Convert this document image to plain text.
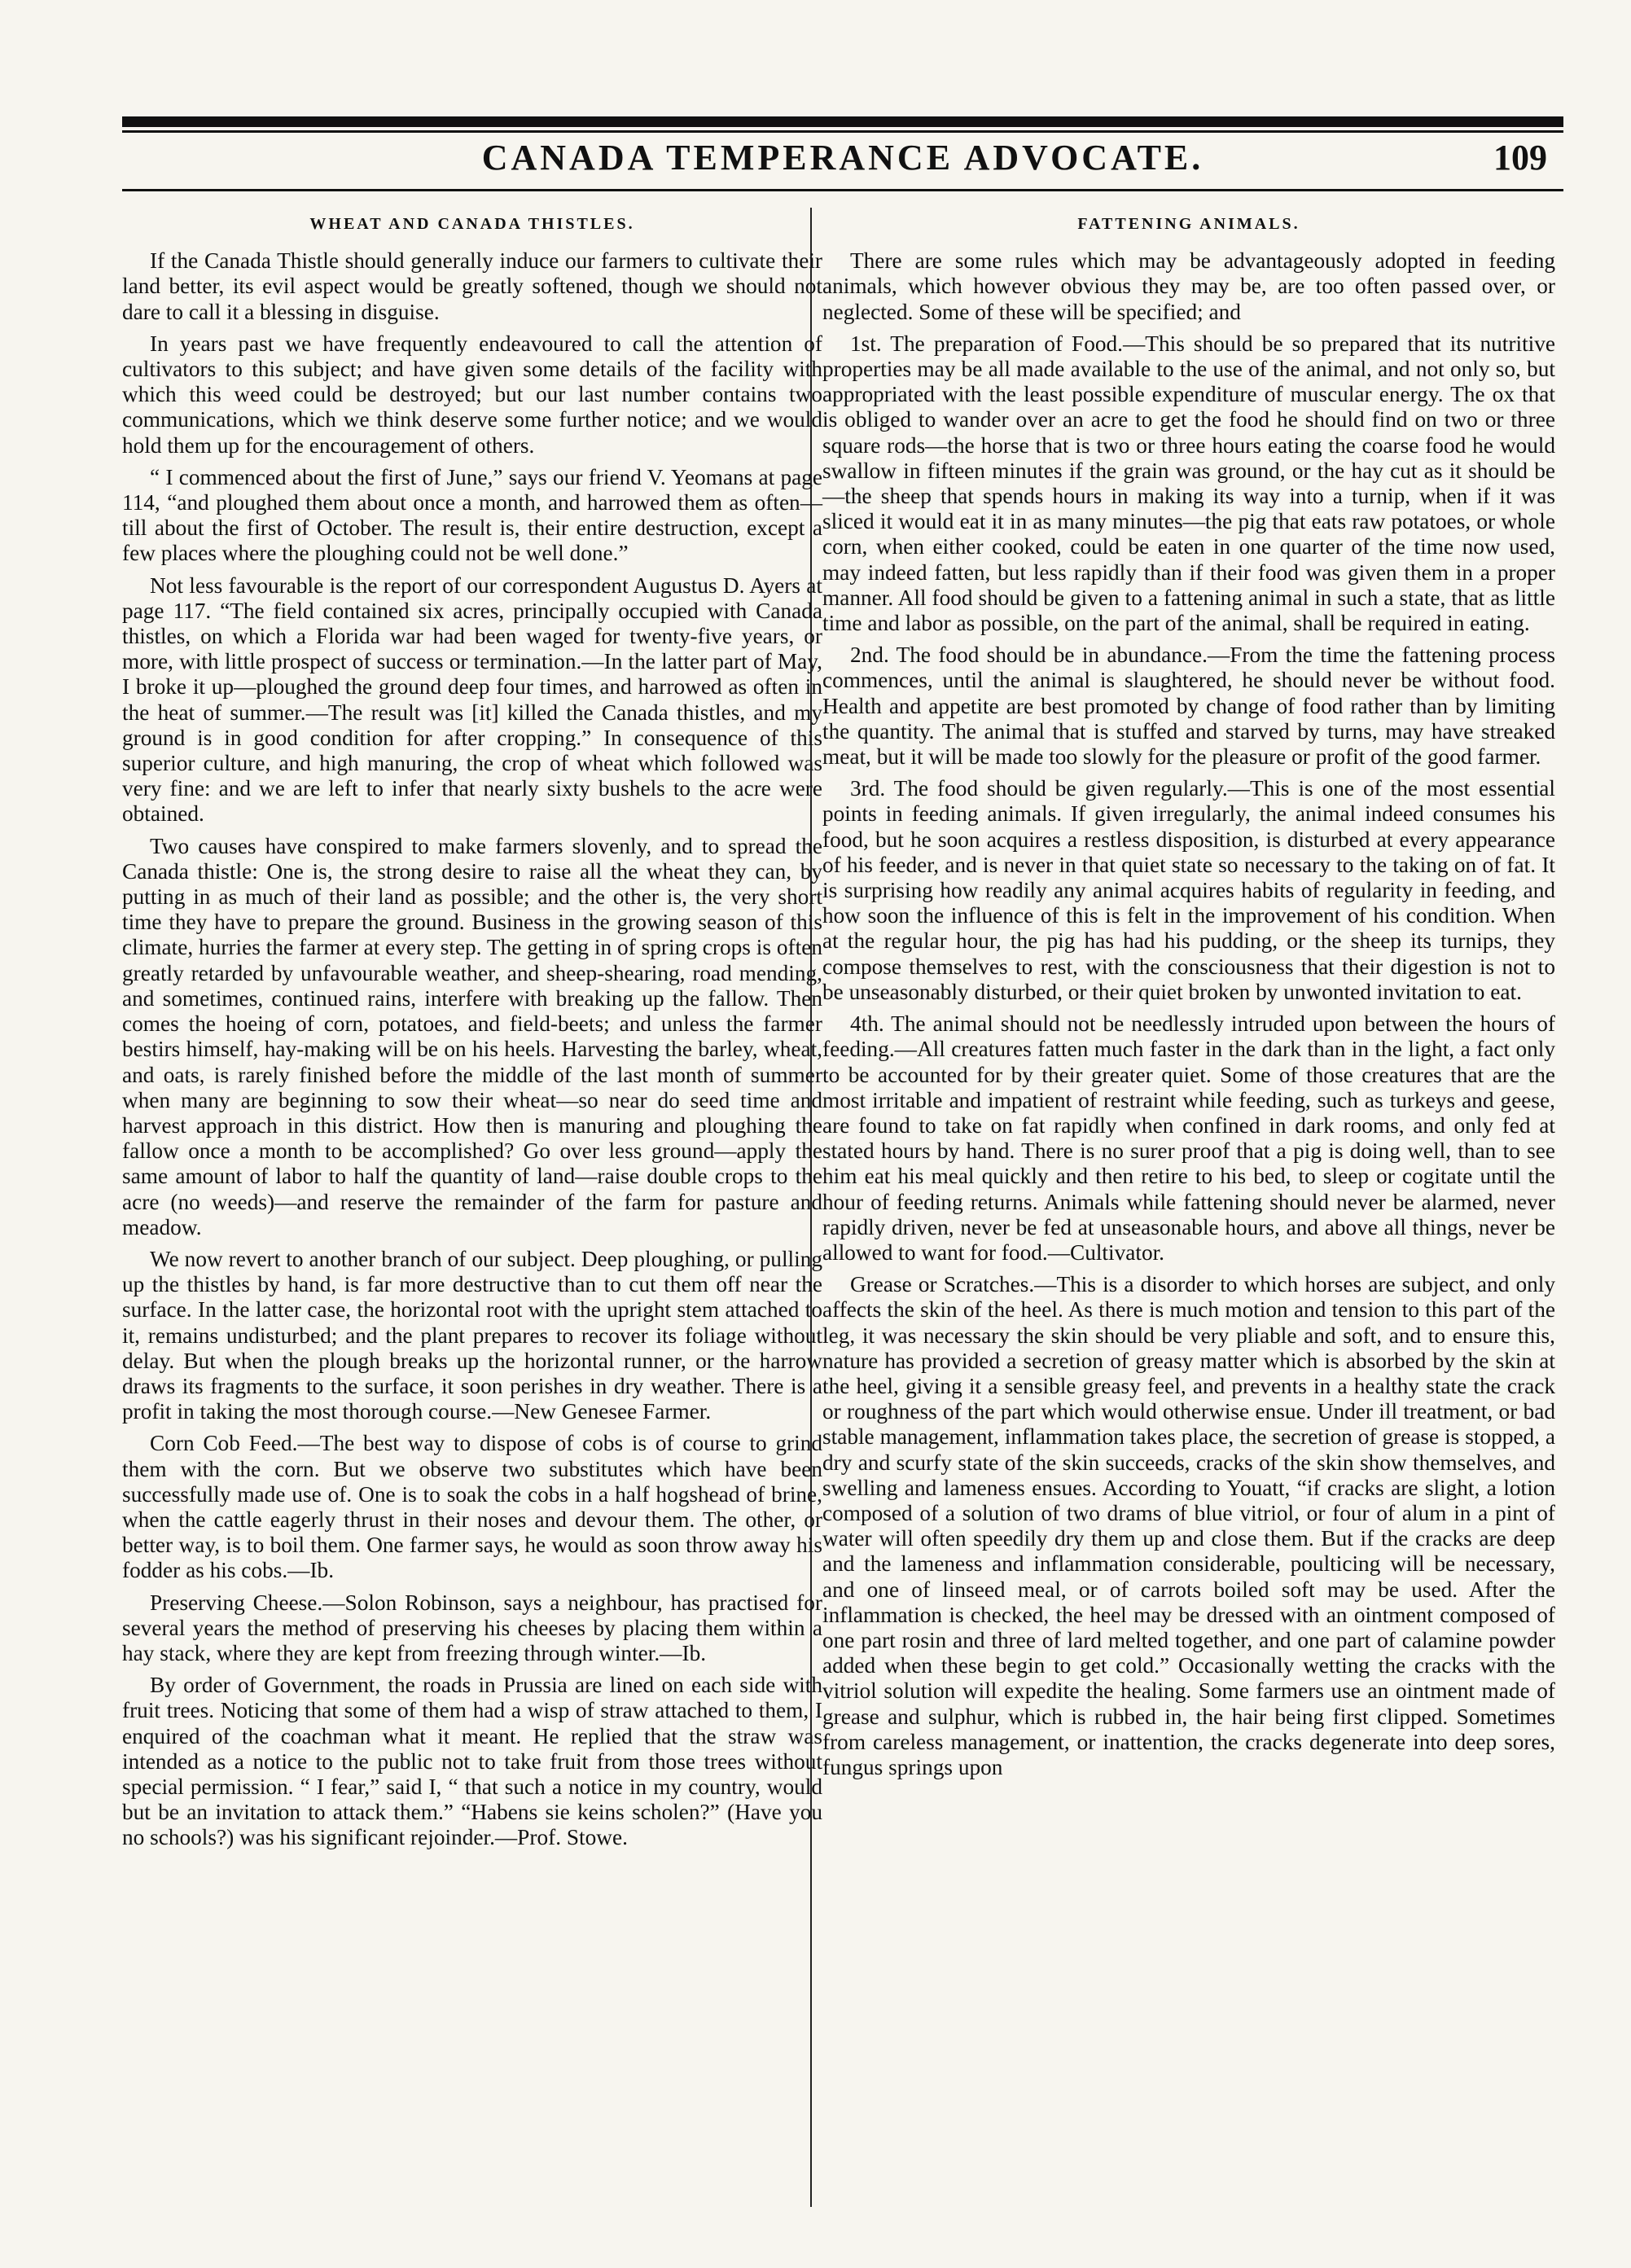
CANADA TEMPERANCE ADVOCATE.	109
WHEAT AND CANADA THISTLES.

If the Canada Thistle should generally induce our farmers to cultivate their land better, its evil aspect would be greatly softened, though we should not dare to call it a blessing in disguise.

In years past we have frequently endeavoured to call the attention of cultivators to this subject; and have given some details of the facility with which this weed could be destroyed; but our last number contains two communications, which we think deserve some further notice; and we would hold them up for the encouragement of others.

“ I commenced about the first of June,” says our friend V. Yeomans at page 114, “and ploughed them about once a month, and harrowed them as often—till about the first of October. The result is, their entire destruction, except a few places where the ploughing could not be well done.”

Not less favourable is the report of our correspondent Augustus D. Ayers at page 117. “The field contained six acres, principally occupied with Canada thistles, on which a Florida war had been waged for twenty-five years, or more, with little prospect of success or termination.—In the latter part of May, I broke it up—ploughed the ground deep four times, and harrowed as often in the heat of summer.—The result was [it] killed the Canada thistles, and my ground is in good condition for after cropping.” In consequence of this superior culture, and high manuring, the crop of wheat which followed was very fine: and we are left to infer that nearly sixty bushels to the acre were obtained.

Two causes have conspired to make farmers slovenly, and to spread the Canada thistle: One is, the strong desire to raise all the wheat they can, by putting in as much of their land as possible; and the other is, the very short time they have to prepare the ground. Business in the growing season of this climate, hurries the farmer at every step. The getting in of spring crops is often greatly retarded by unfavourable weather, and sheep-shearing, road mending, and sometimes, continued rains, interfere with breaking up the fallow. Then comes the hoeing of corn, potatoes, and field-beets; and unless the farmer bestirs himself, hay-making will be on his heels. Harvesting the barley, wheat, and oats, is rarely finished before the middle of the last month of summer when many are beginning to sow their wheat—so near do seed time and harvest approach in this district. How then is manuring and ploughing the fallow once a month to be accomplished? Go over less ground—apply the same amount of labor to half the quantity of land—raise double crops to the acre (no weeds)—and reserve the remainder of the farm for pasture and meadow.

We now revert to another branch of our subject. Deep ploughing, or pulling up the thistles by hand, is far more destructive than to cut them off near the surface. In the latter case, the horizontal root with the upright stem attached to it, remains undisturbed; and the plant prepares to recover its foliage without delay. But when the plough breaks up the horizontal runner, or the harrow draws its fragments to the surface, it soon perishes in dry weather. There is a profit in taking the most thorough course.—New Genesee Farmer.

Corn Cob Feed.—The best way to dispose of cobs is of course to grind them with the corn. But we observe two substitutes which have been successfully made use of. One is to soak the cobs in a half hogshead of brine, when the cattle eagerly thrust in their noses and devour them. The other, or better way, is to boil them. One farmer says, he would as soon throw away his fodder as his cobs.—Ib.

Preserving Cheese.—Solon Robinson, says a neighbour, has practised for several years the method of preserving his cheeses by placing them within a hay stack, where they are kept from freezing through winter.—Ib.

By order of Government, the roads in Prussia are lined on each side with fruit trees. Noticing that some of them had a wisp of straw attached to them, I enquired of the coachman what it meant. He replied that the straw was intended as a notice to the public not to take fruit from those trees without special permission. “ I fear,” said I, “ that such a notice in my country, would but be an invitation to attack them.” “Habens sie keins scholen?” (Have you no schools?) was his significant rejoinder.—Prof. Stowe.

FATTENING ANIMALS.

There are some rules which may be advantageously adopted in feeding animals, which however obvious they may be, are too often passed over, or neglected. Some of these will be specified; and

1st. The preparation of Food.—This should be so prepared that its nutritive properties may be all made available to the use of the animal, and not only so, but appropriated with the least possible expenditure of muscular energy. The ox that is obliged to wander over an acre to get the food he should find on two or three square rods—the horse that is two or three hours eating the coarse food he would swallow in fifteen minutes if the grain was ground, or the hay cut as it should be—the sheep that spends hours in making its way into a turnip, when if it was sliced it would eat it in as many minutes—the pig that eats raw potatoes, or whole corn, when either cooked, could be eaten in one quarter of the time now used, may indeed fatten, but less rapidly than if their food was given them in a proper manner. All food should be given to a fattening animal in such a state, that as little time and labor as possible, on the part of the animal, shall be required in eating.

2nd. The food should be in abundance.—From the time the fattening process commences, until the animal is slaughtered, he should never be without food. Health and appetite are best promoted by change of food rather than by limiting the quantity. The animal that is stuffed and starved by turns, may have streaked meat, but it will be made too slowly for the pleasure or profit of the good farmer.

3rd. The food should be given regularly.—This is one of the most essential points in feeding animals. If given irregularly, the animal indeed consumes his food, but he soon acquires a restless disposition, is disturbed at every appearance of his feeder, and is never in that quiet state so necessary to the taking on of fat. It is surprising how readily any animal acquires habits of regularity in feeding, and how soon the influence of this is felt in the improvement of his condition. When at the regular hour, the pig has had his pudding, or the sheep its turnips, they compose themselves to rest, with the consciousness that their digestion is not to be unseasonably disturbed, or their quiet broken by unwonted invitation to eat.

4th. The animal should not be needlessly intruded upon between the hours of feeding.—All creatures fatten much faster in the dark than in the light, a fact only to be accounted for by their greater quiet. Some of those creatures that are the most irritable and impatient of restraint while feeding, such as turkeys and geese, are found to take on fat rapidly when confined in dark rooms, and only fed at stated hours by hand. There is no surer proof that a pig is doing well, than to see him eat his meal quickly and then retire to his bed, to sleep or cogitate until the hour of feeding returns. Animals while fattening should never be alarmed, never rapidly driven, never be fed at unseasonable hours, and above all things, never be allowed to want for food.—Cultivator.

Grease or Scratches.—This is a disorder to which horses are subject, and only affects the skin of the heel. As there is much motion and tension to this part of the leg, it was necessary the skin should be very pliable and soft, and to ensure this, nature has provided a secretion of greasy matter which is absorbed by the skin at the heel, giving it a sensible greasy feel, and prevents in a healthy state the crack or roughness of the part which would otherwise ensue. Under ill treatment, or bad stable management, inflammation takes place, the secretion of grease is stopped, a dry and scurfy state of the skin succeeds, cracks of the skin show themselves, and swelling and lameness ensues. According to Youatt, “if cracks are slight, a lotion composed of a solution of two drams of blue vitriol, or four of alum in a pint of water will often speedily dry them up and close them. But if the cracks are deep and the lameness and inflammation considerable, poulticing will be necessary, and one of linseed meal, or of carrots boiled soft may be used. After the inflammation is checked, the heel may be dressed with an ointment composed of one part rosin and three of lard melted together, and one part of calamine powder added when these begin to get cold.” Occasionally wetting the cracks with the vitriol solution will expedite the healing. Some farmers use an ointment made of grease and sulphur, which is rubbed in, the hair being first clipped. Sometimes from careless management, or inattention, the cracks degenerate into deep sores, fungus springs upon
